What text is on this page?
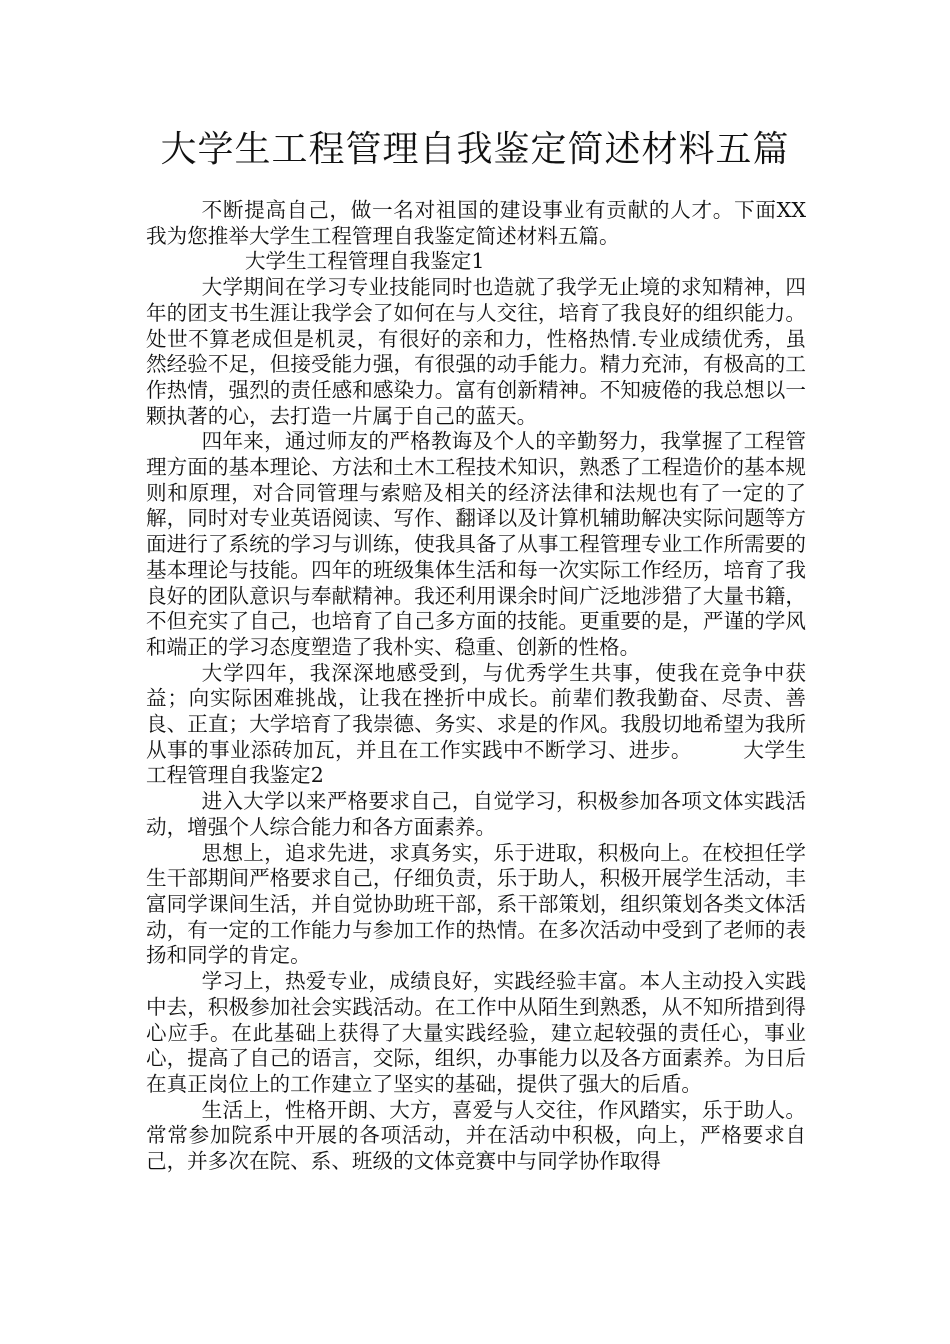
大学生工程管理自我鉴定简述材料五篇

不断提高自己，做一名对祖国的建设事业有贡献的人才。下面XX我为您推举大学生工程管理自我鉴定简述材料五篇。

大学生工程管理自我鉴定1

大学期间在学习专业技能同时也造就了我学无止境的求知精神，四年的团支书生涯让我学会了如何在与人交往，培育了我良好的组织能力。处世不算老成但是机灵，有很好的亲和力，性格热情.专业成绩优秀，虽然经验不足，但接受能力强，有很强的动手能力。精力充沛，有极高的工作热情，强烈的责任感和感染力。富有创新精神。不知疲倦的我总想以一颗执著的心，去打造一片属于自己的蓝天。

四年来，通过师友的严格教诲及个人的辛勤努力，我掌握了工程管理方面的基本理论、方法和土木工程技术知识，熟悉了工程造价的基本规则和原理，对合同管理与索赔及相关的经济法律和法规也有了一定的了解，同时对专业英语阅读、写作、翻译以及计算机辅助解决实际问题等方面进行了系统的学习与训练，使我具备了从事工程管理专业工作所需要的基本理论与技能。四年的班级集体生活和每一次实际工作经历，培育了我良好的团队意识与奉献精神。我还利用课余时间广泛地涉猎了大量书籍，不但充实了自己，也培育了自己多方面的技能。更重要的是，严谨的学风和端正的学习态度塑造了我朴实、稳重、创新的性格。

大学四年，我深深地感受到，与优秀学生共事，使我在竞争中获益；向实际困难挑战，让我在挫折中成长。前辈们教我勤奋、尽责、善良、正直；大学培育了我崇德、务实、求是的作风。我殷切地希望为我所从事的事业添砖加瓦，并且在工作实践中不断学习、进步。	大学生工程管理自我鉴定2

进入大学以来严格要求自己，自觉学习，积极参加各项文体实践活动，增强个人综合能力和各方面素养。

思想上，追求先进，求真务实，乐于进取，积极向上。在校担任学生干部期间严格要求自己，仔细负责，乐于助人，积极开展学生活动，丰富同学课间生活，并自觉协助班干部，系干部策划，组织策划各类文体活动，有一定的工作能力与参加工作的热情。在多次活动中受到了老师的表扬和同学的肯定。

学习上，热爱专业，成绩良好，实践经验丰富。本人主动投入实践中去，积极参加社会实践活动。在工作中从陌生到熟悉，从不知所措到得心应手。在此基础上获得了大量实践经验，建立起较强的责任心，事业心，提高了自己的语言，交际，组织，办事能力以及各方面素养。为日后在真正岗位上的工作建立了坚实的基础，提供了强大的后盾。

生活上，性格开朗、大方，喜爱与人交往，作风踏实，乐于助人。常常参加院系中开展的各项活动，并在活动中积极，向上，严格要求自己，并多次在院、系、班级的文体竞赛中与同学协作取得
